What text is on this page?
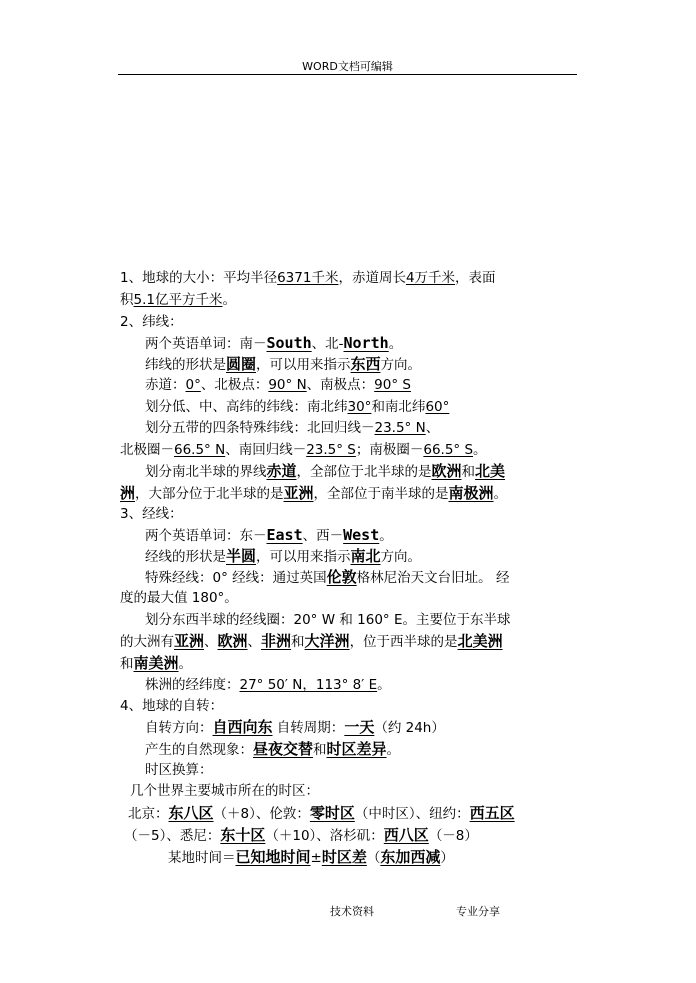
WORD文档可编辑
1、地球的大小：平均半径6371千米，赤道周长4万千米，表面
积5.1亿平方千米。
2、纬线：
两个英语单词：南－South、北-North。
纬线的形状是圆圈，可以用来指示东西方向。
赤道：0°、北极点：90° N、南极点：90° S
划分低、中、高纬的纬线：南北纬30°和南北纬60°
划分五带的四条特殊纬线：北回归线－23.5° N、
北极圈－66.5° N、南回归线－23.5° S；南极圈－66.5° S。
划分南北半球的界线赤道，全部位于北半球的是欧洲和北美
洲，大部分位于北半球的是亚洲，全部位于南半球的是南极洲。
3、经线：
两个英语单词：东－East、西－West。
经线的形状是半圆，可以用来指示南北方向。
特殊经线：0° 经线：通过英国伦敦格林尼治天文台旧址。 经
度的最大值 180°。
划分东西半球的经线圈：20° W 和 160° E。主要位于东半球
的大洲有亚洲、欧洲、非洲和大洋洲，位于西半球的是北美洲
和南美洲。
株洲的经纬度：27° 50′ N，113° 8′ E。
4、地球的自转：
自转方向：自西向东 自转周期：一天（约 24h）
产生的自然现象：昼夜交替和时区差异。
时区换算：
几个世界主要城市所在的时区：
北京：东八区（＋8）、伦敦：零时区（中时区）、纽约：西五区
（－5）、悉尼：东十区（＋10）、洛杉矶：西八区（－8）
某地时间＝已知地时间±时区差（东加西减）
技术资料	专业分享
